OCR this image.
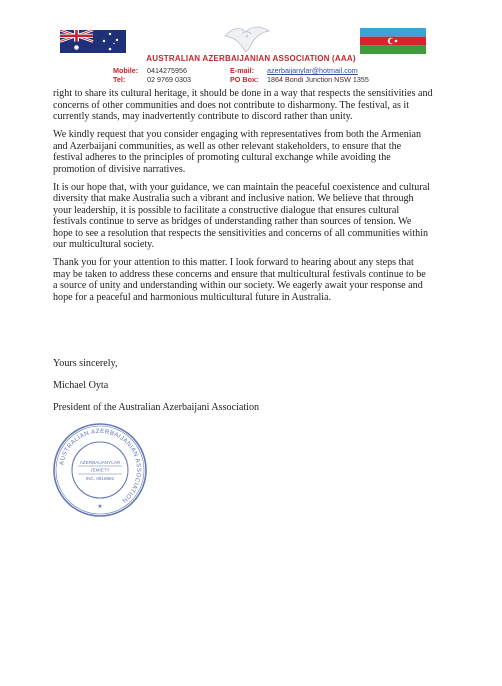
AUSTRALIAN AZERBAIJANIAN ASSOCIATION (AAA)
Mobile: 0414275956
Tel:	02 9769 0303
E-mail: azerbaijanylar@hotmail.com
PO Box: 1864 Bondi Junction NSW 1355

right to share its cultural heritage, it should be done in a way that respects the sensitivities and
concerns of other communities and does not contribute to disharmony. The festival, as it
currently stands, may inadvertently contribute to discord rather than unity.

We kindly request that you consider engaging with representatives from both the Armenian
and Azerbaijani communities, as well as other relevant stakeholders, to ensure that the
festival adheres to the principles of promoting cultural exchange while avoiding the
promotion of divisive narratives.

It is our hope that, with your guidance, we can maintain the peaceful coexistence and cultural
diversity that make Australia such a vibrant and inclusive nation. We believe that through
your leadership, it is possible to facilitate a constructive dialogue that ensures cultural
festivals continue to serve as bridges of understanding rather than sources of tension. We
hope to see a resolution that respects the sensitivities and concerns of all communities within
our multicultural society.

Thank you for your attention to this matter. I look forward to hearing about any steps that
may be taken to address these concerns and ensure that multicultural festivals continue to be
a source of unity and understanding within our society. We eagerly await your response and
hope for a peaceful and harmonious multicultural future in Australia.

Yours sincerely,
Michael Oyta
President of the Australian Azerbaijani Association
AUSTRALIAN AZERBAIJANIAN ASSOCIATION
AZERBAIJANYLAR
JEMIETY
INC. 9818882
★
